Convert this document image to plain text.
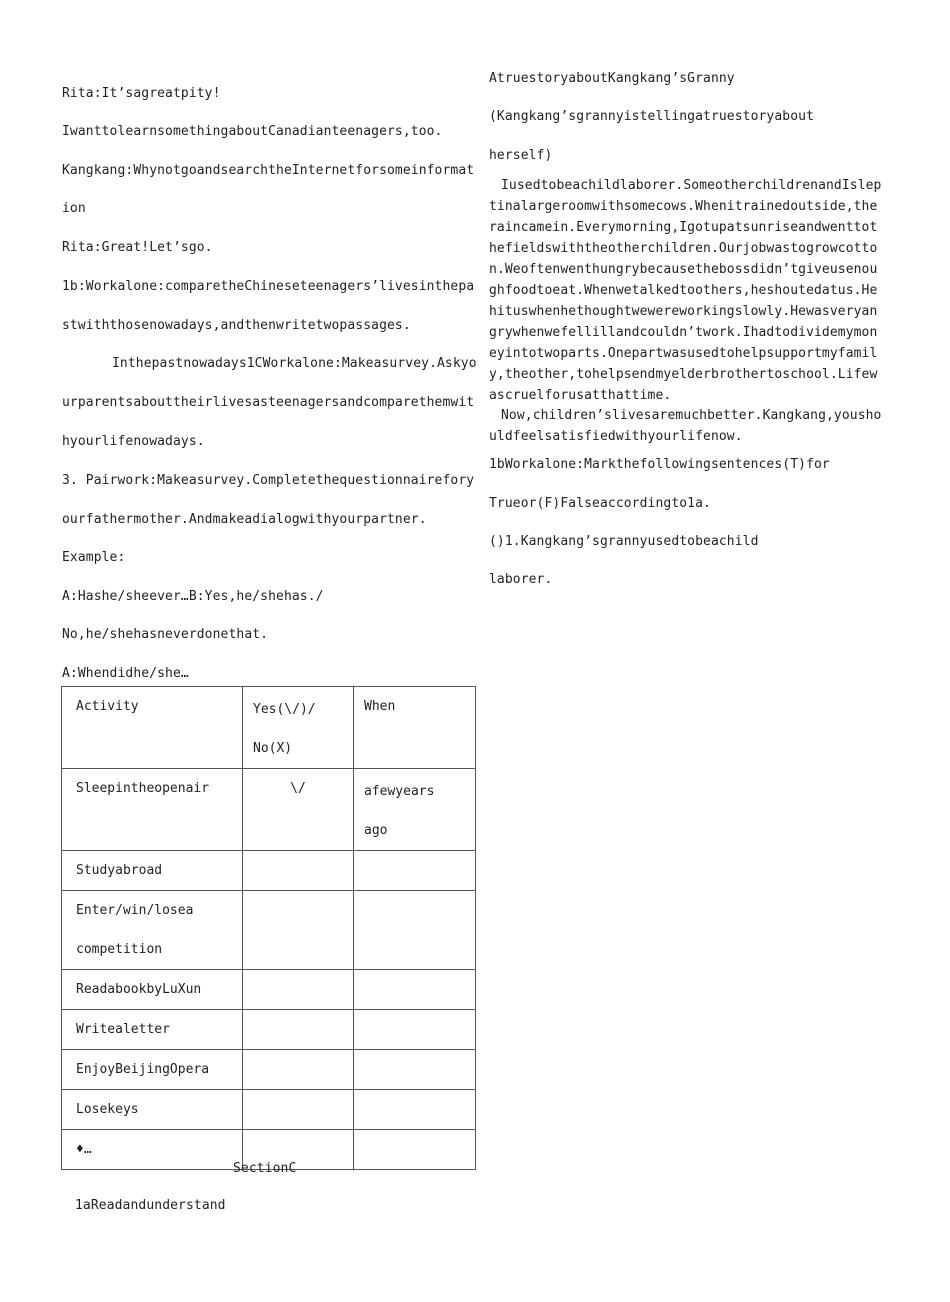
Rita:It’sagreatpity!
IwanttolearnsomethingaboutCanadianteenagers,too.
Kangkang:WhynotgoandsearchtheInternetforsomeinformat
ion
Rita:Great!Let’sgo.
1b:Workalone:comparetheChineseteenagers’livesinthepa
stwiththosenowadays,andthenwritetwopassages.
Inthepastnowadays1CWorkalone:Makeasurvey.Askyo
urparentsabouttheirlivesasteenagersandcomparethemwit
hyourlifenowadays.
3. Pairwork:Makeasurvey.Completethequestionnairefory
ourfathermother.Andmakeadialogwithyourpartner.
Example:
A:Hashe/sheever…B:Yes,he/shehas./
No,he/shehasneverdonethat.
A:Whendidhe/she…
Activity	Yes(\/)/
No(X)	When

Sleepintheopenair	\/	afewyears
ago

Studyabroad		

Enter/win/losea
competition		

ReadabookbyLuXun		

Writealetter		

EnjoyBeijingOpera		

Losekeys		

♦…		

SectionC
1aReadandunderstand
AtruestoryaboutKangkang’sGranny
(Kangkang’sgrannyistellingatruestoryabout
herself)
Iusedtobeachildlaborer.SomeotherchildrenandIsleptinalargeroomwithsomecows.Whenitrainedoutside,theraincamein.Everymorning,Igotupatsunriseandwenttothefieldswiththeotherchildren.Ourjobwastogrowcotton.Weoftenwenthungrybecausethebossdidn’tgiveusenoughfoodtoeat.Whenwetalkedtoothers,heshoutedatus.Hehituswhenhethoughtwewereworkingslowly.Hewasveryangrywhenwefellillandcouldn’twork.Ihadtodividemymoneyintotwoparts.Onepartwasusedtohelpsupportmyfamily,theother,tohelpsendmyelderbrothertoschool.Lifewascruelforusatthattime.
Now,children’slivesaremuchbetter.Kangkang,youshouldfeelsatisfiedwithyourlifenow.
1bWorkalone:Markthefollowingsentences(T)for
Trueor(F)Falseaccordingto1a.
()1.Kangkang’sgrannyusedtobeachild
laborer.
